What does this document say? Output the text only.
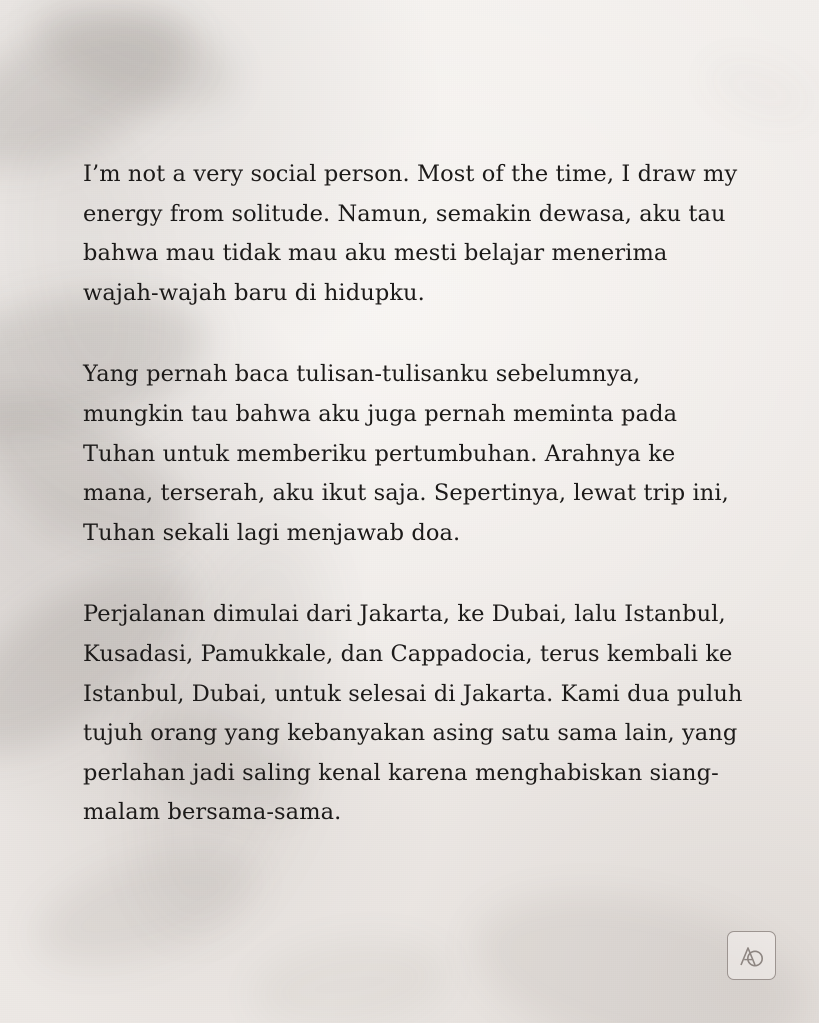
I’m not a very social person. Most of the time, I draw my energy from solitude. Namun, semakin dewasa, aku tau bahwa mau tidak mau aku mesti belajar menerima wajah-wajah baru di hidupku.

Yang pernah baca tulisan-tulisanku sebelumnya, mungkin tau bahwa aku juga pernah meminta pada Tuhan untuk memberiku pertumbuhan. Arahnya ke mana, terserah, aku ikut saja. Sepertinya, lewat trip ini, Tuhan sekali lagi menjawab doa.

Perjalanan dimulai dari Jakarta, ke Dubai, lalu Istanbul, Kusadasi, Pamukkale, dan Cappadocia, terus kembali ke Istanbul, Dubai, untuk selesai di Jakarta. Kami dua puluh tujuh orang yang kebanyakan asing satu sama lain, yang perlahan jadi saling kenal karena menghabiskan siang-malam bersama-sama.
